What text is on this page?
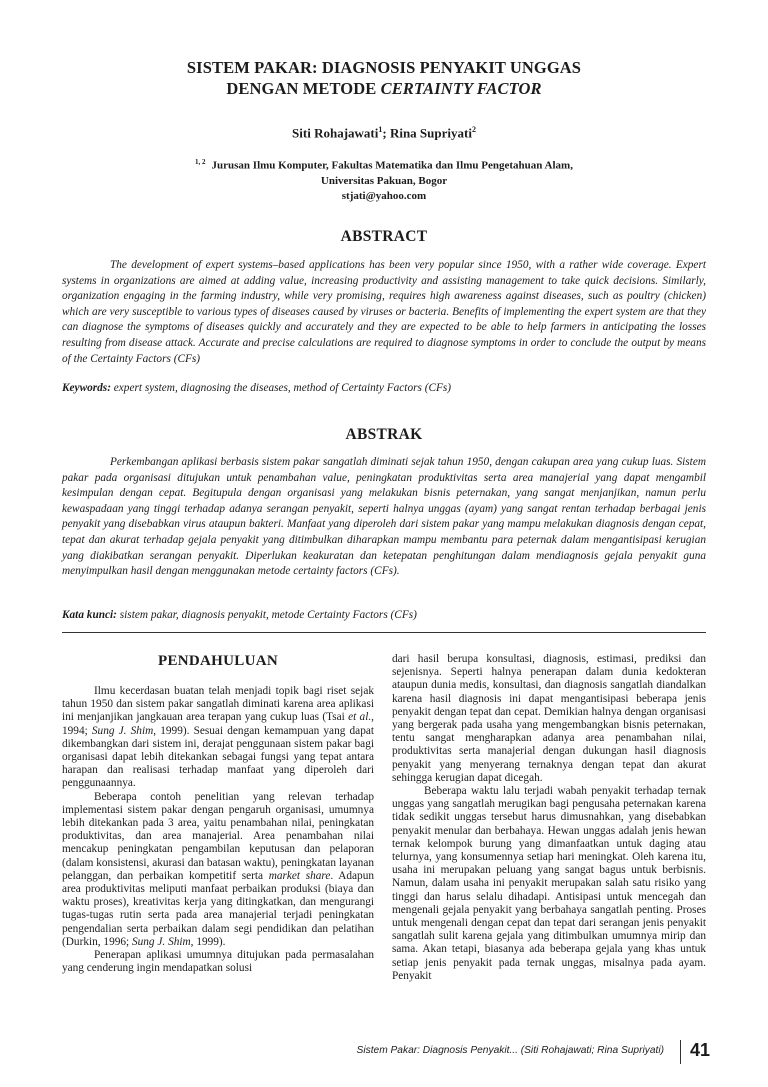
SISTEM PAKAR: DIAGNOSIS PENYAKIT UNGGAS
DENGAN METODE CERTAINTY FACTOR
Siti Rohajawati$^1$; Rina Supriyati$^2$
$^{1, 2}$ Jurusan Ilmu Komputer, Fakultas Matematika dan Ilmu Pengetahuan Alam,
Universitas Pakuan, Bogor
stjati@yahoo.com
ABSTRACT
The development of expert systems–based applications has been very popular since 1950, with a rather wide coverage. Expert systems in organizations are aimed at adding value, increasing productivity and assisting management to take quick decisions. Similarly, organization engaging in the farming industry, while very promising, requires high awareness against diseases, such as poultry (chicken) which are very susceptible to various types of diseases caused by viruses or bacteria. Benefits of implementing the expert system are that they can diagnose the symptoms of diseases quickly and accurately and they are expected to be able to help farmers in anticipating the losses resulting from disease attack. Accurate and precise calculations are required to diagnose symptoms in order to conclude the output by means of the Certainty Factors (CFs)
Keywords: expert system, diagnosing the diseases, method of Certainty Factors (CFs)
ABSTRAK
Perkembangan aplikasi berbasis sistem pakar sangatlah diminati sejak tahun 1950, dengan cakupan area yang cukup luas. Sistem pakar pada organisasi ditujukan untuk penambahan value, peningkatan produktivitas serta area manajerial yang dapat mengambil kesimpulan dengan cepat. Begitupula dengan organisasi yang melakukan bisnis peternakan, yang sangat menjanjikan, namun perlu kewaspadaan yang tinggi terhadap adanya serangan penyakit, seperti halnya unggas (ayam) yang sangat rentan terhadap berbagai jenis penyakit yang disebabkan virus ataupun bakteri. Manfaat yang diperoleh dari sistem pakar yang mampu melakukan diagnosis dengan cepat, tepat dan akurat terhadap gejala penyakit yang ditimbulkan diharapkan mampu membantu para peternak dalam mengantisipasi kerugian yang diakibatkan serangan penyakit. Diperlukan keakuratan dan ketepatan penghitungan dalam mendiagnosis gejala penyakit guna menyimpulkan hasil dengan menggunakan metode certainty factors (CFs).
Kata kunci: sistem pakar, diagnosis penyakit, metode Certainty Factors (CFs)
PENDAHULUAN

Ilmu kecerdasan buatan telah menjadi topik bagi riset sejak tahun 1950 dan sistem pakar sangatlah diminati karena area aplikasi ini menjanjikan jangkauan area terapan yang cukup luas (Tsai et al., 1994; Sung J. Shim, 1999). Sesuai dengan kemampuan yang dapat dikembangkan dari sistem ini, derajat penggunaan sistem pakar bagi organisasi dapat lebih ditekankan sebagai fungsi yang tepat antara harapan dan realisasi terhadap manfaat yang diperoleh dari penggunaannya.

Beberapa contoh penelitian yang relevan terhadap implementasi sistem pakar dengan pengaruh organisasi, umumnya lebih ditekankan pada 3 area, yaitu penambahan nilai, peningkatan produktivitas, dan area manajerial. Area penambahan nilai mencakup peningkatan pengambilan keputusan dan pelaporan (dalam konsistensi, akurasi dan batasan waktu), peningkatan layanan pelanggan, dan perbaikan kompetitif serta market share. Adapun area produktivitas meliputi manfaat perbaikan produksi (biaya dan waktu proses), kreativitas kerja yang ditingkatkan, dan mengurangi tugas-tugas rutin serta pada area manajerial terjadi peningkatan pengendalian serta perbaikan dalam segi pendidikan dan pelatihan (Durkin, 1996; Sung J. Shim, 1999).

Penerapan aplikasi umumnya ditujukan pada permasalahan yang cenderung ingin mendapatkan solusi

dari hasil berupa konsultasi, diagnosis, estimasi, prediksi dan sejenisnya. Seperti halnya penerapan dalam dunia kedokteran ataupun dunia medis, konsultasi, dan diagnosis sangatlah diandalkan karena hasil diagnosis ini dapat mengantisipasi beberapa jenis penyakit dengan tepat dan cepat. Demikian halnya dengan organisasi yang bergerak pada usaha yang mengembangkan bisnis peternakan, tentu sangat mengharapkan adanya area penambahan nilai, produktivitas serta manajerial dengan dukungan hasil diagnosis penyakit yang menyerang ternaknya dengan tepat dan akurat sehingga kerugian dapat dicegah.

Beberapa waktu lalu terjadi wabah penyakit terhadap ternak unggas yang sangatlah merugikan bagi pengusaha peternakan karena tidak sedikit unggas tersebut harus dimusnahkan, yang disebabkan penyakit menular dan berbahaya. Hewan unggas adalah jenis hewan ternak kelompok burung yang dimanfaatkan untuk daging atau telurnya, yang konsumennya setiap hari meningkat. Oleh karena itu, usaha ini merupakan peluang yang sangat bagus untuk berbisnis. Namun, dalam usaha ini penyakit merupakan salah satu risiko yang tinggi dan harus selalu dihadapi. Antisipasi untuk mencegah dan mengenali gejala penyakit yang berbahaya sangatlah penting. Proses untuk mengenali dengan cepat dan tepat dari serangan jenis penyakit sangatlah sulit karena gejala yang ditimbulkan umumnya mirip dan sama. Akan tetapi, biasanya ada beberapa gejala yang khas untuk setiap jenis penyakit pada ternak unggas, misalnya pada ayam. Penyakit

Sistem Pakar: Diagnosis Penyakit... (Siti Rohajawati; Rina Supriyati) 41
